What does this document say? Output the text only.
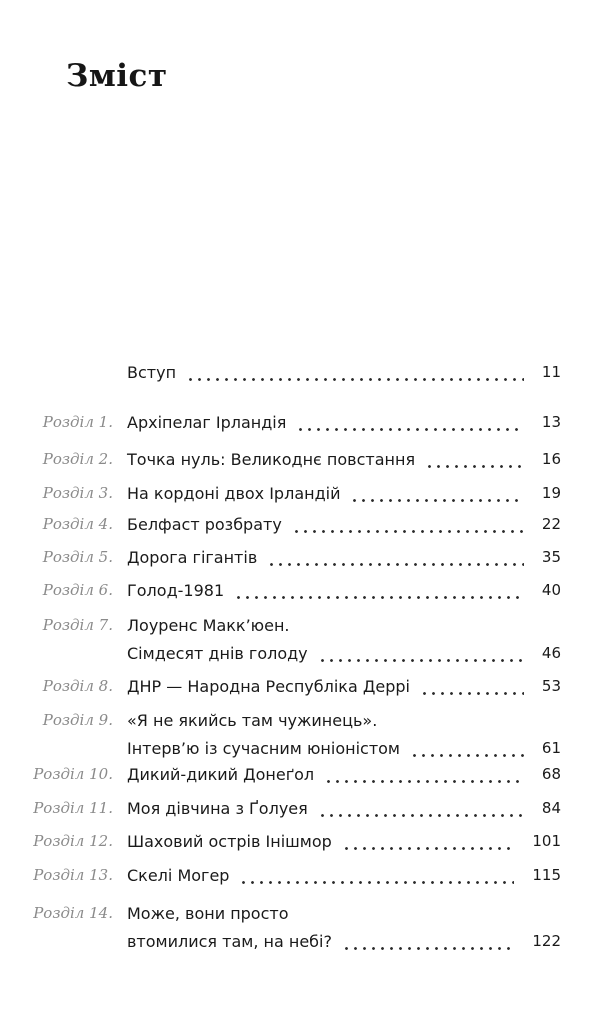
Зміст
Вступ	11
Розділ 1. Архіпелаг Ірландія	13
Розділ 2. Точка нуль: Великоднє повстання	16
Розділ 3. На кордоні двох Ірландій	19
Розділ 4. Белфаст розбрату	22
Розділ 5. Дорога гігантів	35
Розділ 6. Голод-1981	40
Розділ 7. Лоуренс Макк’юен.
Сімдесят днів голоду	46
Розділ 8. ДНР — Народна Республіка Деррі	53
Розділ 9. «Я не якийсь там чужинець».
Інтерв’ю із сучасним юніоністом	61
Розділ 10. Дикий-дикий Донеґол	68
Розділ 11. Моя дівчина з Ґолуея	84
Розділ 12. Шаховий острів Інішмор	101
Розділ 13. Скелі Могер	115
Розділ 14. Може, вони просто
втомилися там, на небі?	122
